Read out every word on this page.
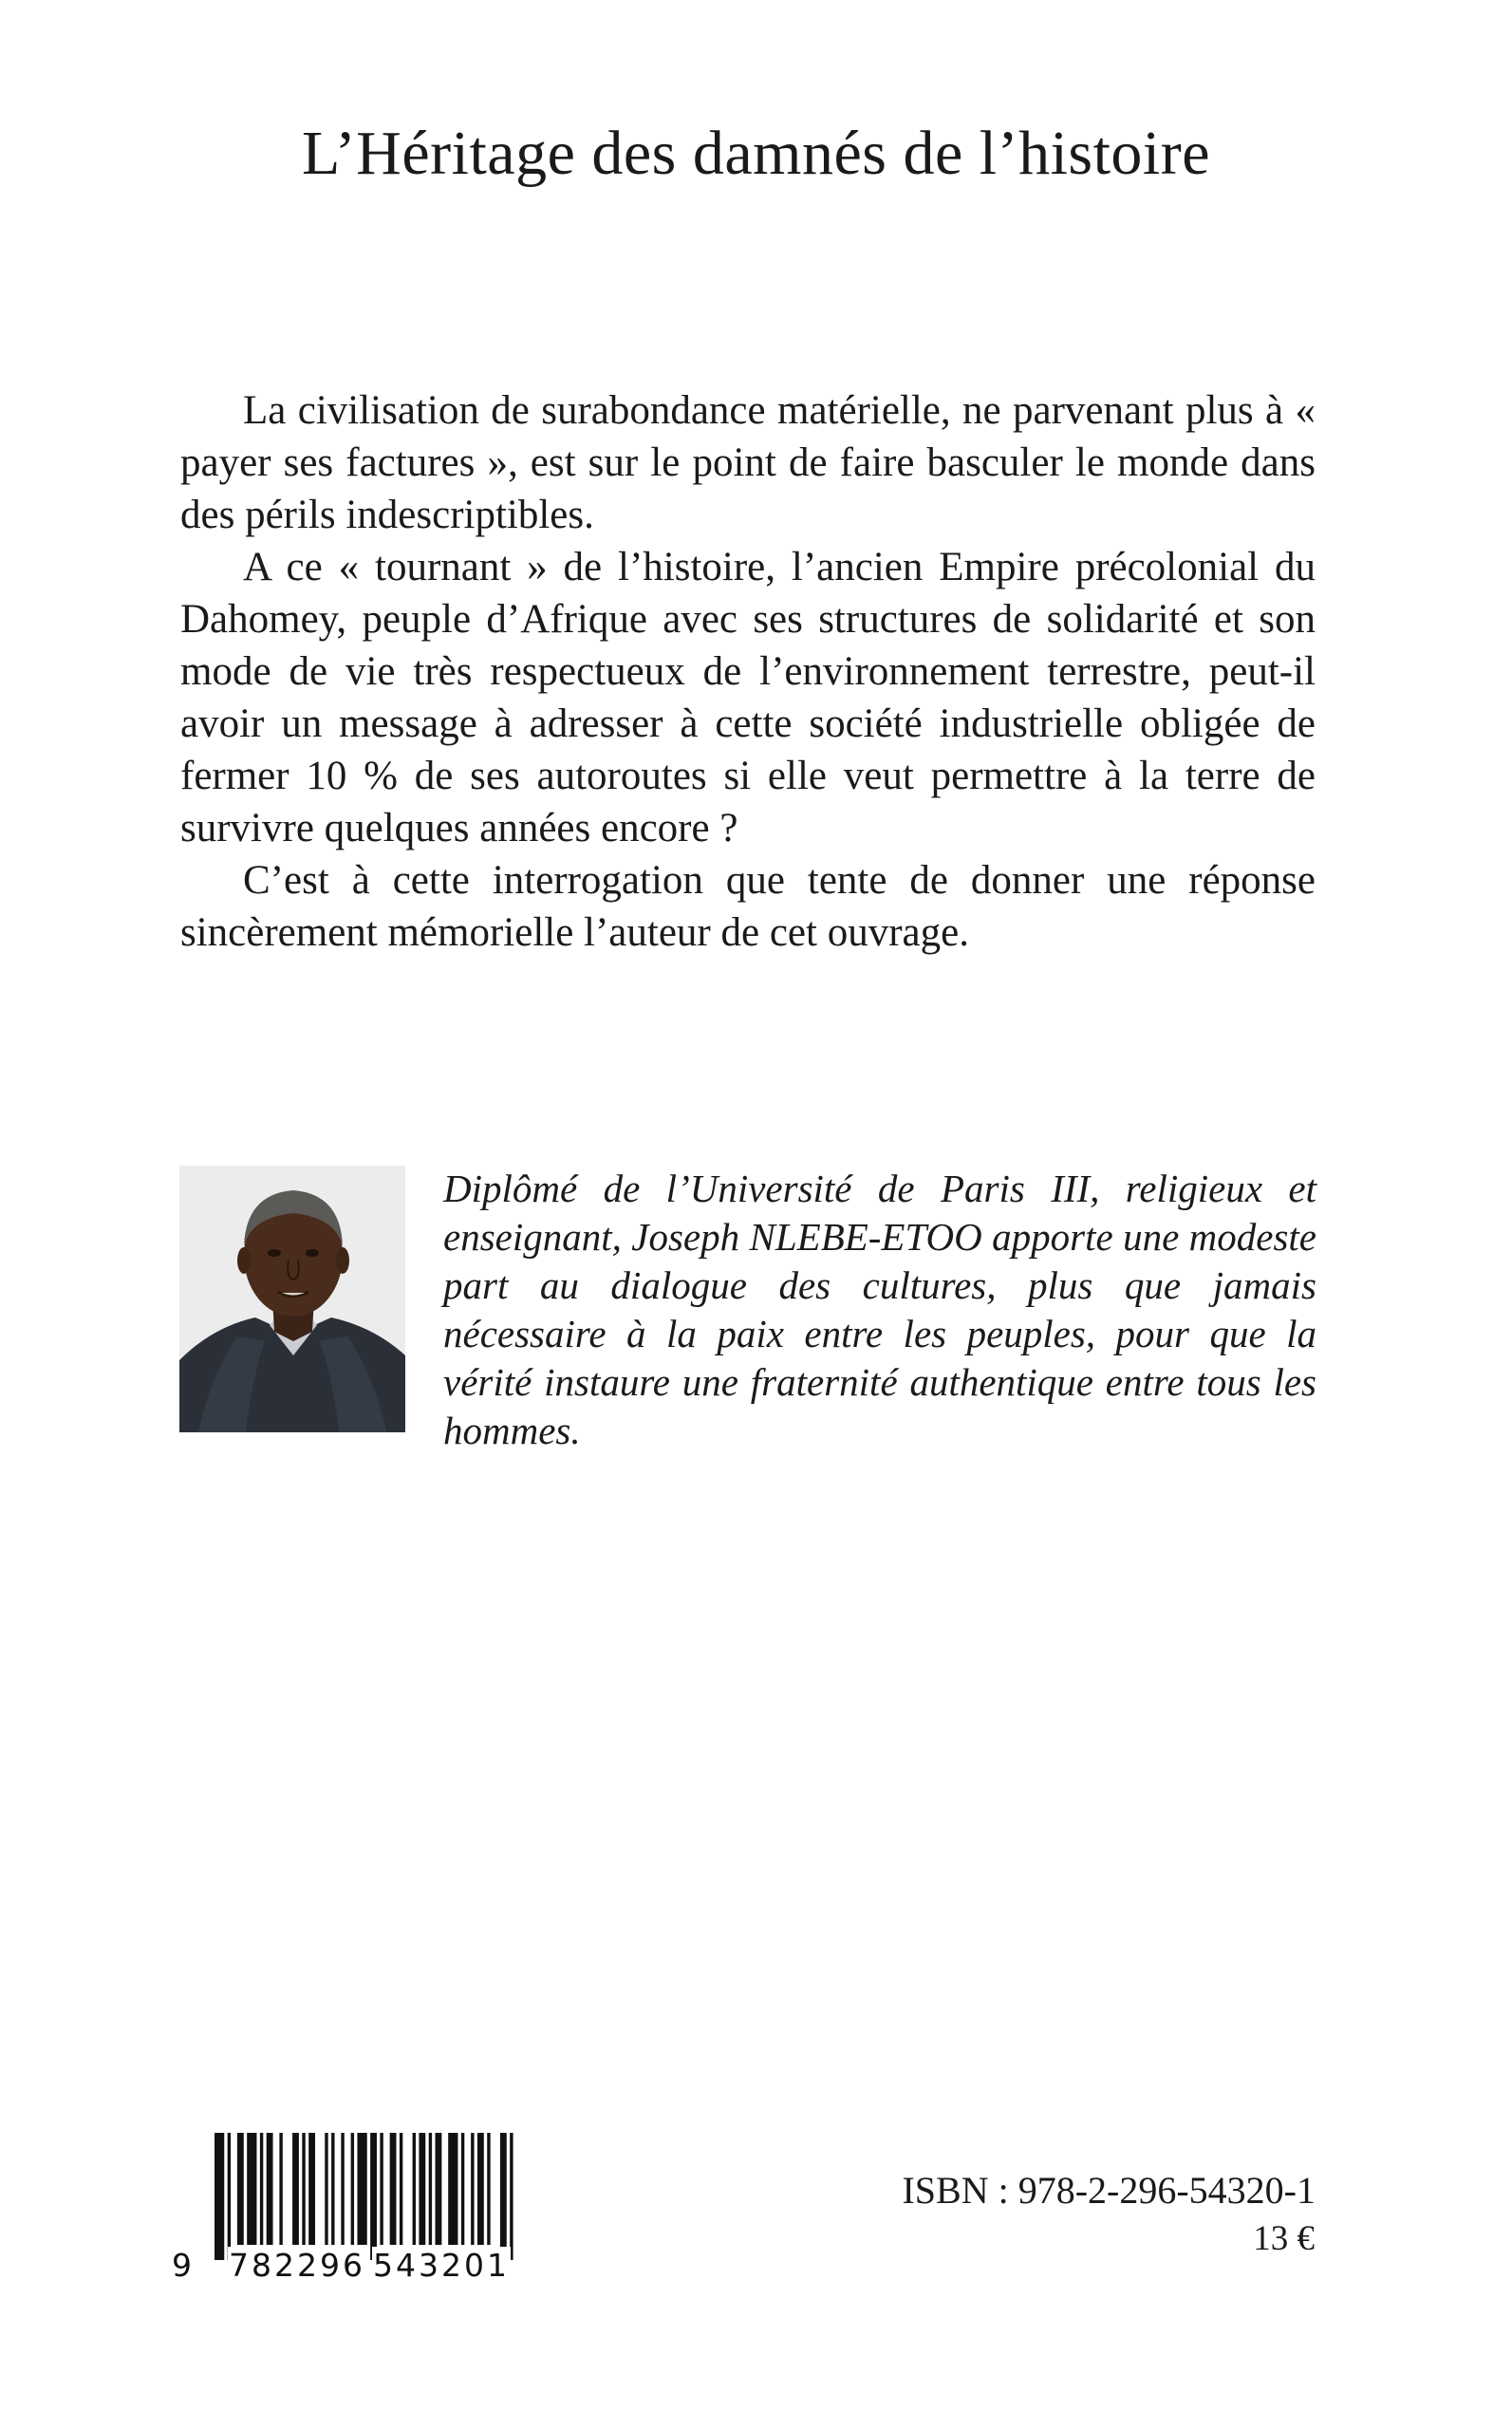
L’Héritage des damnés de l’histoire

La civilisation de surabondance matérielle, ne parvenant plus à « payer ses factures », est sur le point de faire basculer le monde dans des périls indescriptibles.

A ce « tournant » de l’histoire, l’ancien Empire précolonial du Dahomey, peuple d’Afrique avec ses structures de solidarité et son mode de vie très respectueux de l’environnement terrestre, peut-il avoir un message à adresser à cette société industrielle obligée de fermer 10 % de ses autoroutes si elle veut permettre à la terre de survivre quelques années encore ?

C’est à cette interrogation que tente de donner une réponse sincèrement mémorielle l’auteur de cet ouvrage.

Diplômé de l’Université de Paris III, religieux et enseignant, Joseph NLEBE-ETOO apporte une modeste part au dialogue des cultures, plus que jamais nécessaire à la paix entre les peuples, pour que la vérité instaure une fraternité authentique entre tous les hommes.
9 782296 543201
ISBN : 978-2-296-54320-1
13 €
